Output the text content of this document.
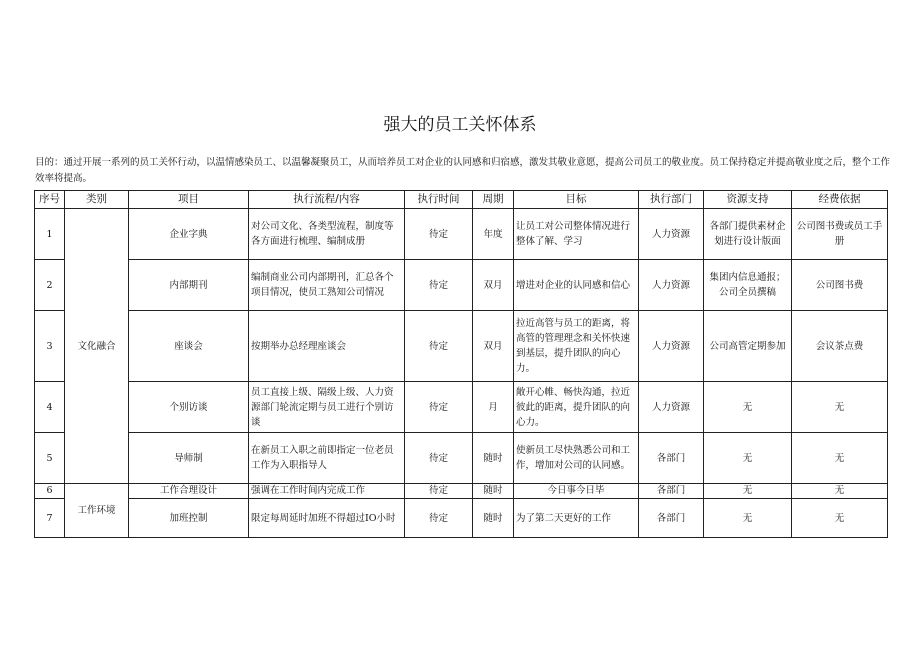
强大的员工关怀体系
目的：通过开展一系列的员工关怀行动，以温情感染员工、以温馨凝聚员工，从而培养员工对企业的认同感和归宿感，激发其敬业意愿，提高公司员工的敬业度。员工保持稳定并提高敬业度之后，整个工作效率将提高。
序号	类别	项目	执行流程/内容	执行时间	周期	目标	执行部门	资源支持	经费依据
1	文化融合	企业字典	对公司文化、各类型流程，制度等各方面进行梳理、编制成册	待定	年度	让员工对公司整体情况进行整体了解、学习	人力资源	各部门提供素材企划进行设计版面	公司图书费或员工手册
2		内部期刊	编制商业公司内部期刊，汇总各个项目情况，使员工熟知公司情况	待定	双月	增进对企业的认同感和信心	人力资源	集团内信息通报；公司全员撰稿	公司图书费
3		座谈会	按期举办总经理座谈会	待定	双月	拉近高管与员工的距离，将高管的管理理念和关怀快速到基层，提升团队的向心力。	人力资源	公司高管定期参加	会议茶点费
4		个别访谈	员工直接上级、隔级上级、人力资源部门轮流定期与员工进行个别访谈	待定	月	敞开心帷、畅快沟通，拉近彼此的距离，提升团队的向心力。	人力资源	无	无
5		导师制	在新员工入职之前即指定一位老员工作为入职指导人	待定	随时	使新员工尽快熟悉公司和工作，增加对公司的认同感。	各部门	无	无
6	工作环境	工作合理设计	强调在工作时间内完成工作	待定	随时	今日事今日毕	各部门	无	无
7		加班控制	限定每周延时加班不得超过IO小时	待定	随时	为了第二天更好的工作	各部门	无	无
